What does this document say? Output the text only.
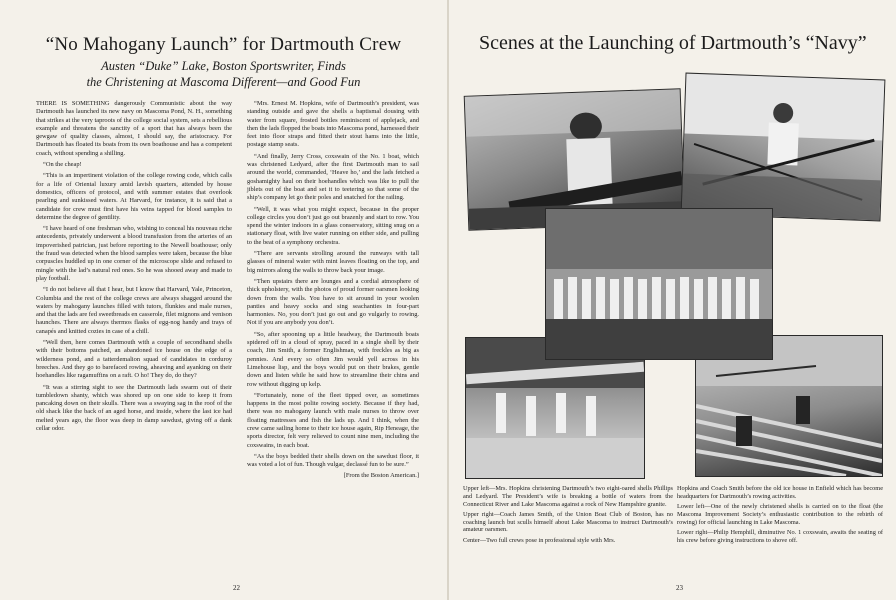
“No Mahogany Launch” for Dartmouth Crew
Austen “Duke” Lake, Boston Sportswriter, Finds
the Christening at Mascoma Different—and Good Fun

THERE IS SOMETHING dangerously Communistic about the way Dartmouth has launched its new navy on Mascoma Pond, N. H., something that strikes at the very taproots of the college social system, sets a rebellious example and threatens the sanctity of a sport that has always been the gewgaw of quality classes, almost, I should say, the aristocracy. For Dartmouth has floated its boats from its own boathouse and has a competent coach, without spending a shilling.

“On the cheap!

“This is an impertinent violation of the college rowing code, which calls for a life of Oriental luxury amid lavish quarters, attended by house domestics, officers of protocol, and with summer estates that overlook pearling and sunkissed waters. At Harvard, for instance, it is said that a candidate for crew must first have his veins tapped for blood samples to determine the degree of gentility.

“I have heard of one freshman who, wishing to conceal his nouveau riche antecedents, privately underwent a blood transfusion from the arteries of an impoverished patrician, just before reporting to the Newell boathouse; only the fraud was detected when the blood samples were taken, because the blue corpuscles huddled up in one corner of the microscope slide and refused to mingle with the lad’s natural red ones. So he was shooed away and made to play football.

“I do not believe all that I hear, but I know that Harvard, Yale, Princeton, Columbia and the rest of the college crews are always shagged around the waters by mahogany launches filled with tutors, flunkies and male nurses, and that the lads are fed sweetbreads en casserole, filet mignons and venison haunches. There are always thermos flasks of egg-nog handy and trays of canapés and knitted cozies in case of a chill.

“Well then, here comes Dartmouth with a couple of secondhand shells with their bottoms patched, an abandoned ice house on the edge of a wilderness pond, and a tatterdemalion squad of candidates in corduroy breeches. And they go to barefaced rowing, aheaving and ayanking on their hoehandles like ragamuffins on a raft. O ho! They do, do they?

“It was a stirring sight to see the Dartmouth lads swarm out of their tumbledown shanty, which was shored up on one side to keep it from pancaking down on their skulls. There was a swaying sag in the roof of the old shack like the back of an aged horse, and inside, where the last ice had melted years ago, the floor was deep in damp sawdust, giving off a dank cellar odor.

“Mrs. Ernest M. Hopkins, wife of Dartmouth’s president, was standing outside and gave the shells a baptismal dousing with water from square, frosted bottles reminiscent of applejack, and then the lads flopped the boats into Mascoma pond, harnessed their feet into floor straps and fitted their stout hams into the little, postage stamp seats.

“And finally, Jerry Cross, coxswain of the No. 1 boat, which was christened Ledyard, after the first Dartmouth man to sail around the world, commanded, ‘Heave ho,’ and the lads fetched a goshamighty haul on their hoehandles which was like to pull the jiblets out of the boat and set it to teetering so that some of the ship’s company let go their poles and snatched for the railing.

“Well, it was what you might expect, because in the proper college circles you don’t just go out brazenly and start to row. You spend the winter indoors in a glass conservatory, sitting snug on a stationary float, with live water running on either side, and pulling to the beat of a symphony orchestra.

“There are servants strolling around the runways with tall glasses of mineral water with mint leaves floating on the top, and big mirrors along the walls to throw back your image.

“Then upstairs there are lounges and a cordial atmosphere of thick upholstery, with the photos of proud former oarsmen looking down from the walls. You have to sit around in your woolen panties and heavy socks and sing seachanties in four-part harmonies. No, you don’t just go out and go vulgarly to rowing. Not if you are anybody you don’t.

“So, after spooning up a little headway, the Dartmouth boats spidered off in a cloud of spray, paced in a single shell by their coach, Jim Smith, a former Englishman, with freckles as big as pennies. And every so often Jim would yell across in his Limehouse lisp, and the boys would put on their brakes, gentle down and listen while he said how to streamline their chins and row without digging up kelp.

“Fortunately, none of the fleet tipped over, as sometimes happens in the most polite rowing society. Because if they had, there was no mahogany launch with male nurses to throw over floating mattresses and fish the lads up. And I think, when the crew came sailing home to their ice house again, Rip Heneage, the sports director, felt very relieved to count nine men, including the coxswains, in each boat.

“As the boys bedded their shells down on the sawdust floor, it was voted a lot of fun. Though vulgar, declassé fun to be sure.”

[From the Boston American.]

22
Scenes at the Launching of Dartmouth’s “Navy”

Upper left—Mrs. Hopkins christening Dartmouth’s two eight-oared shells Phillips and Ledyard. The President’s wife is breaking a bottle of waters from the Connecticut River and Lake Mascoma against a rock of New Hampshire granite.

Upper right—Coach James Smith, of the Union Boat Club of Boston, has no coaching launch but sculls himself about Lake Mascoma to instruct Dartmouth’s amateur oarsmen.

Center—Two full crews pose in professional style with Mrs.

Hopkins and Coach Smith before the old ice house in Enfield which has become headquarters for Dartmouth’s rowing activities.

Lower left—One of the newly christened shells is carried on to the float (the Mascoma Improvement Society’s enthusiastic contribution to the rebirth of rowing) for official launching in Lake Mascoma.

Lower right—Philip Hemphill, diminutive No. 1 coxswain, awaits the seating of his crew before giving instructions to shove off.

23
